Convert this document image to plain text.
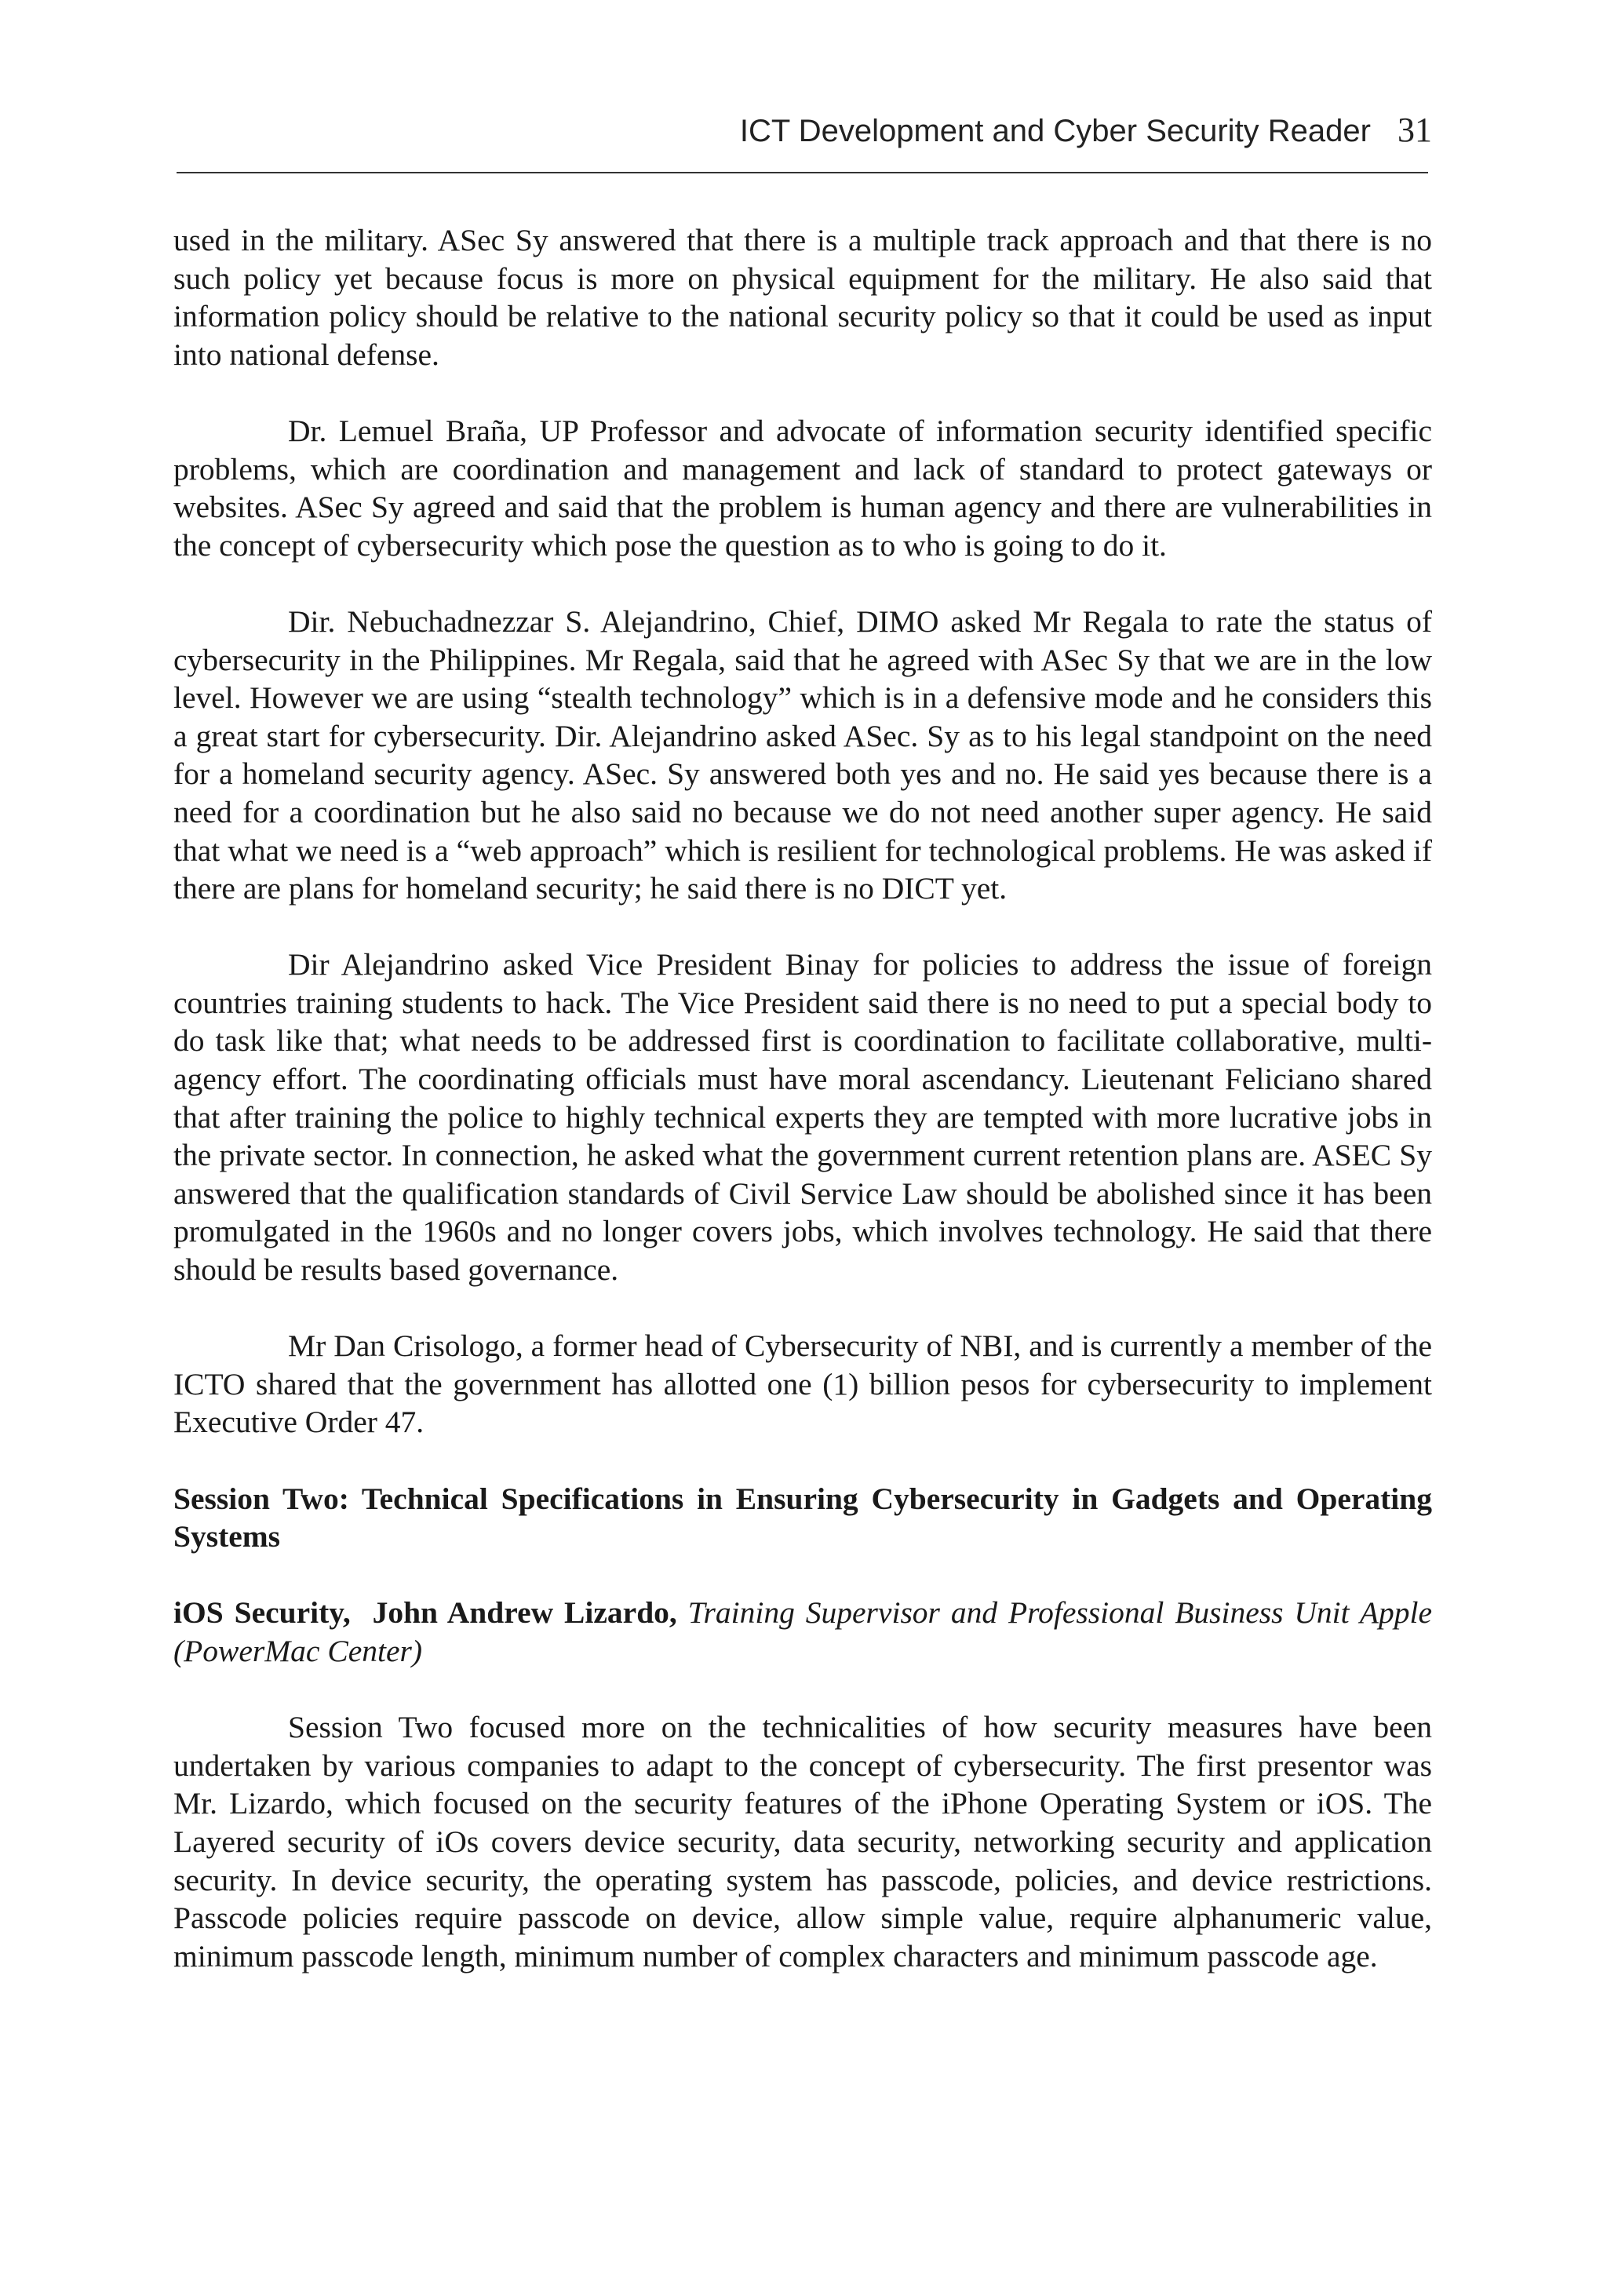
ICT Development and Cyber Security Reader 31

used in the military. ASec Sy answered that there is a multiple track approach and that there is no such policy yet because focus is more on physical equipment for the military. He also said that information policy should be relative to the national security policy so that it could be used as input into national defense.

Dr. Lemuel Braña, UP Professor and advocate of information security identified specific problems, which are coordination and management and lack of standard to protect gateways or websites. ASec Sy agreed and said that the problem is human agency and there are vulnerabilities in the concept of cybersecurity which pose the question as to who is going to do it.

Dir. Nebuchadnezzar S. Alejandrino, Chief, DIMO asked Mr Regala to rate the status of cybersecurity in the Philippines. Mr Regala, said that he agreed with ASec Sy that we are in the low level. However we are using “stealth technology” which is in a defensive mode and he considers this a great start for cybersecurity. Dir. Alejandrino asked ASec. Sy as to his legal standpoint on the need for a homeland security agency. ASec. Sy answered both yes and no. He said yes because there is a need for a coordination but he also said no because we do not need another super agency. He said that what we need is a “web approach” which is resilient for technological problems. He was asked if there are plans for homeland security; he said there is no DICT yet.

Dir Alejandrino asked Vice President Binay for policies to address the issue of foreign countries training students to hack. The Vice President said there is no need to put a special body to do task like that; what needs to be addressed first is coordination to facilitate collaborative, multi-agency effort. The coordinating officials must have moral ascendancy. Lieutenant Feliciano shared that after training the police to highly technical experts they are tempted with more lucrative jobs in the private sector. In connection, he asked what the government current retention plans are. ASEC Sy answered that the qualification standards of Civil Service Law should be abolished since it has been promulgated in the 1960s and no longer covers jobs, which involves technology. He said that there should be results based governance.

Mr Dan Crisologo, a former head of Cybersecurity of NBI, and is currently a member of the ICTO shared that the government has allotted one (1) billion pesos for cybersecurity to implement Executive Order 47.

Session Two: Technical Specifications in Ensuring Cybersecurity in Gadgets and Operating Systems

iOS Security, John Andrew Lizardo, Training Supervisor and Professional Business Unit Apple (PowerMac Center)

Session Two focused more on the technicalities of how security measures have been undertaken by various companies to adapt to the concept of cybersecurity. The first presentor was Mr. Lizardo, which focused on the security features of the iPhone Operating System or iOS. The Layered security of iOs covers device security, data security, networking security and application security. In device security, the operating system has passcode, policies, and device restrictions. Passcode policies require passcode on device, allow simple value, require alphanumeric value, minimum passcode length, minimum number of complex characters and minimum passcode age.
